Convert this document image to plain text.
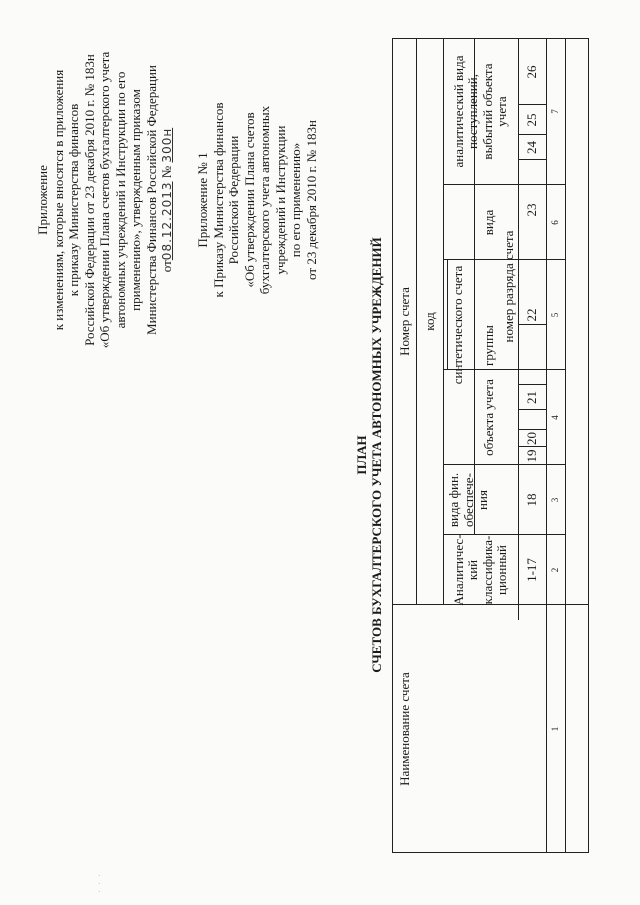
·
·
·
Приложение к изменениям, которые вносятся в приложения к приказу Министерства финансов Российской Федерации от 23 декабря 2010 г. № 183н «Об утверждении Плана счетов бухгалтерского учета автономных учреждений и Инструкции по его применению», утвержденным приказом Министерства Финансов Российской Федерации от08.12.2013 № 300н
Приложение № 1 к Приказу Министерства финансов Российской Федерации «Об утверждении Плана счетов бухгалтерского учета автономных учреждений и Инструкции по его применению» от 23 декабря 2010 г. № 183н
ПЛАН СЧЕТОВ БУХГАЛТЕРСКОГО УЧЕТА АВТОНОМНЫХ УЧРЕЖДЕНИЙ
Наименование счета
Номер счета код
Аналитичес- кий классифика- ционный
вида фин. обеспече- ния
синтетического счета
объекта учета
группы
вида
аналитический вида поступлений, выбытий объекта учета
номер разряда счета
1-17
18
19
20
21
22
23
24
25
26
1
2
3
4
5
6
7
